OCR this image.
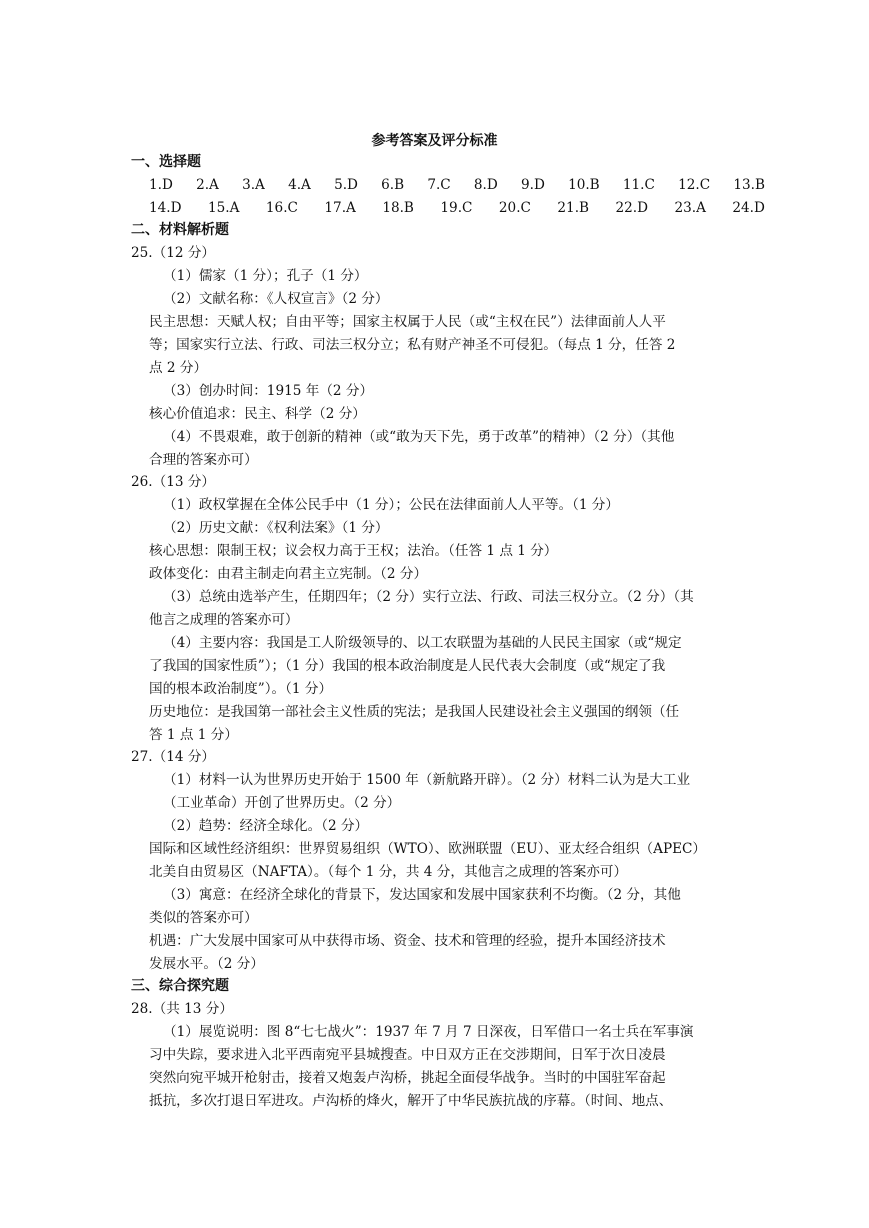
参考答案及评分标准
一、选择题
1.D 2.A 3.A 4.A 5.D 6.B 7.C 8.D 9.D 10.B 11.C 12.C 13.B
14.D 15.A 16.C 17.A 18.B 19.C 20.C 21.B 22.D 23.A 24.D
二、材料解析题
25.（12 分）
（1）儒家（1 分）；孔子（1 分）
（2）文献名称：《人权宣言》（2 分）
民主思想：天赋人权；自由平等；国家主权属于人民（或“主权在民”）法律面前人人平
等；国家实行立法、行政、司法三权分立；私有财产神圣不可侵犯。（每点 1 分，任答 2
点 2 分）
（3）创办时间：1915 年（2 分）
核心价值追求：民主、科学（2 分）
（4）不畏艰难，敢于创新的精神（或“敢为天下先，勇于改革”的精神）（2 分）（其他
合理的答案亦可）
26.（13 分）
（1）政权掌握在全体公民手中（1 分）；公民在法律面前人人平等。（1 分）
（2）历史文献：《权利法案》（1 分）
核心思想：限制王权；议会权力高于王权；法治。（任答 1 点 1 分）
政体变化：由君主制走向君主立宪制。（2 分）
（3）总统由选举产生，任期四年；（2 分）实行立法、行政、司法三权分立。（2 分）（其
他言之成理的答案亦可）
（4）主要内容：我国是工人阶级领导的、以工农联盟为基础的人民民主国家（或“规定
了我国的国家性质”）；（1 分）我国的根本政治制度是人民代表大会制度（或“规定了我
国的根本政治制度”）。（1 分）
历史地位：是我国第一部社会主义性质的宪法；是我国人民建设社会主义强国的纲领（任
答 1 点 1 分）
27.（14 分）
（1）材料一认为世界历史开始于 1500 年（新航路开辟）。（2 分）材料二认为是大工业
（工业革命）开创了世界历史。（2 分）
（2）趋势：经济全球化。（2 分）
国际和区域性经济组织：世界贸易组织（WTO）、欧洲联盟（EU）、亚太经合组织（APEC）
北美自由贸易区（NAFTA）。（每个 1 分，共 4 分，其他言之成理的答案亦可）
（3）寓意：在经济全球化的背景下，发达国家和发展中国家获利不均衡。（2 分，其他
类似的答案亦可）
机遇：广大发展中国家可从中获得市场、资金、技术和管理的经验，提升本国经济技术
发展水平。（2 分）
三、综合探究题
28.（共 13 分）
（1）展览说明：图 8“七七战火”：1937 年 7 月 7 日深夜，日军借口一名士兵在军事演
习中失踪，要求进入北平西南宛平县城搜查。中日双方正在交涉期间，日军于次日凌晨
突然向宛平城开枪射击，接着又炮轰卢沟桥，挑起全面侵华战争。当时的中国驻军奋起
抵抗，多次打退日军进攻。卢沟桥的烽火，解开了中华民族抗战的序幕。（时间、地点、
